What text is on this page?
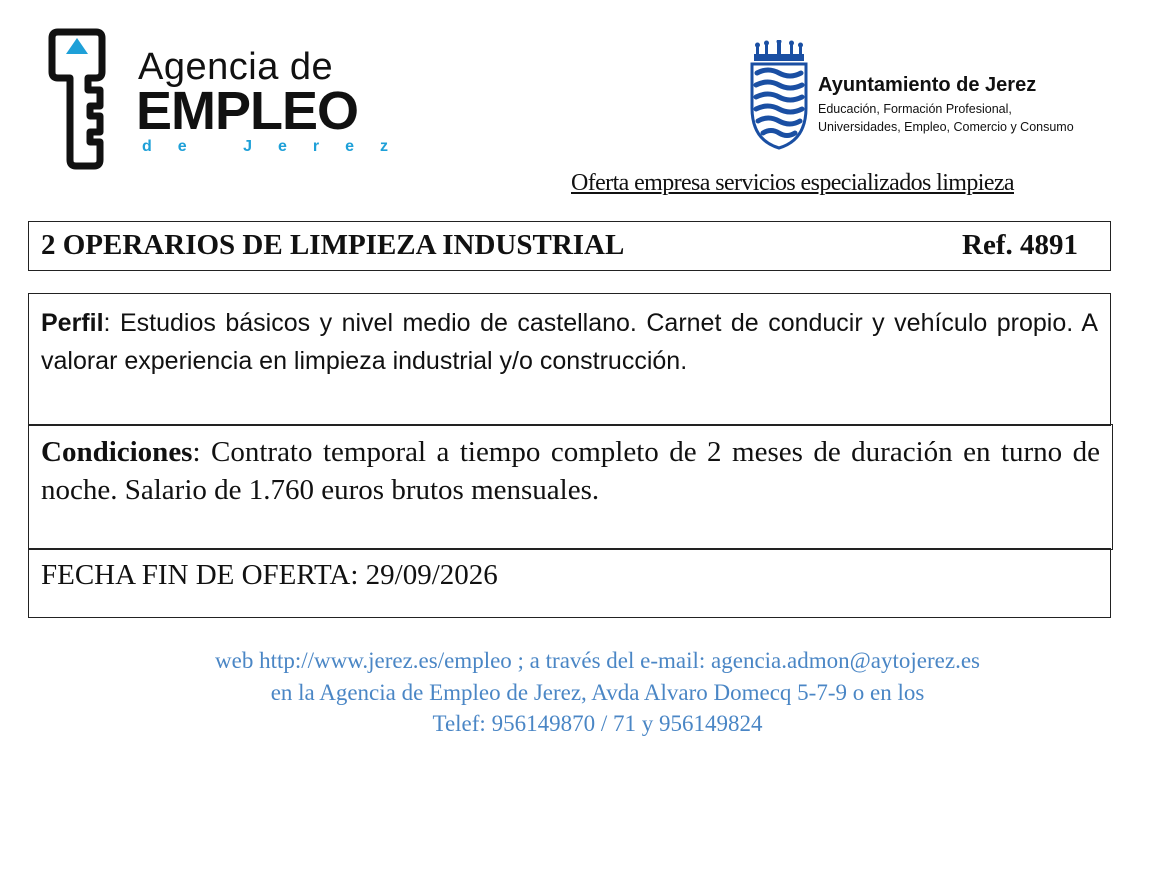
Agencia de
EMPLEO
de Jerez
Ayuntamiento de Jerez
Educación, Formación Profesional,
Universidades, Empleo, Comercio y Consumo
Oferta empresa servicios especializados limpieza
2 OPERARIOS DE LIMPIEZA INDUSTRIAL	Ref. 4891
Perfil: Estudios básicos y nivel medio de castellano. Carnet de conducir y vehículo propio. A valorar experiencia en limpieza industrial y/o construcción.
Condiciones: Contrato temporal a tiempo completo de 2 meses de duración en turno de noche. Salario de 1.760 euros brutos mensuales.
FECHA FIN DE OFERTA: 29/09/2026
web http://www.jerez.es/empleo ; a través del e-mail: agencia.admon@aytojerez.es
en la Agencia de Empleo de Jerez, Avda Alvaro Domecq 5-7-9 o en los
Telef: 956149870 / 71 y 956149824
